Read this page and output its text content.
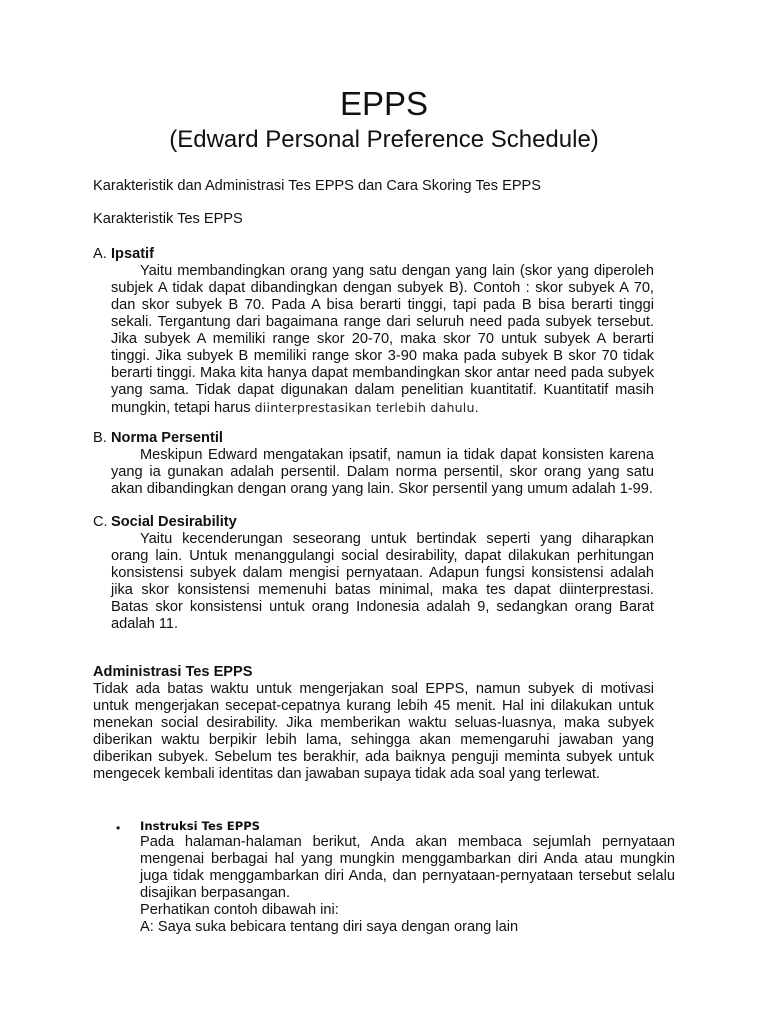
EPPS
(Edward Personal Preference Schedule)

Karakteristik dan Administrasi Tes EPPS dan Cara Skoring Tes EPPS

Karakteristik Tes EPPS

A. Ipsatif

Yaitu membandingkan orang yang satu dengan yang lain (skor yang diperoleh subjek A tidak dapat dibandingkan dengan subyek B). Contoh : skor subyek A 70, dan skor subyek B 70. Pada A bisa berarti tinggi, tapi pada B bisa berarti tinggi sekali. Tergantung dari bagaimana range dari seluruh need pada subyek tersebut. Jika subyek A memiliki range skor 20-70, maka skor 70 untuk subyek A berarti tinggi. Jika subyek B memiliki range skor 3-90 maka pada subyek B skor 70 tidak berarti tinggi. Maka kita hanya dapat membandingkan skor antar need pada subyek yang sama. Tidak dapat digunakan dalam penelitian kuantitatif. Kuantitatif masih mungkin, tetapi harus diinterprestasikan terlebih dahulu.

B. Norma Persentil

Meskipun Edward mengatakan ipsatif, namun ia tidak dapat konsisten karena yang ia gunakan adalah persentil. Dalam norma persentil, skor orang yang satu akan dibandingkan dengan orang yang lain. Skor persentil yang umum adalah 1-99.

C. Social Desirability

Yaitu kecenderungan seseorang untuk bertindak seperti yang diharapkan orang lain. Untuk menanggulangi social desirability, dapat dilakukan perhitungan konsistensi subyek dalam mengisi pernyataan. Adapun fungsi konsistensi adalah jika skor konsistensi memenuhi batas minimal, maka tes dapat diinterprestasi. Batas skor konsistensi untuk orang Indonesia adalah 9, sedangkan orang Barat adalah 11.

Administrasi Tes EPPS

Tidak ada batas waktu untuk mengerjakan soal EPPS, namun subyek di motivasi untuk mengerjakan secepat-cepatnya kurang lebih 45 menit. Hal ini dilakukan untuk menekan social desirability. Jika memberikan waktu seluas-luasnya, maka subyek diberikan waktu berpikir lebih lama, sehingga akan memengaruhi jawaban yang diberikan subyek. Sebelum tes berakhir, ada baiknya penguji meminta subyek untuk mengecek kembali identitas dan jawaban supaya tidak ada soal yang terlewat.

• Instruksi Tes EPPS

Pada halaman-halaman berikut, Anda akan membaca sejumlah pernyataan mengenai berbagai hal yang mungkin menggambarkan diri Anda atau mungkin juga tidak menggambarkan diri Anda, dan pernyataan-pernyataan tersebut selalu disajikan berpasangan.

Perhatikan contoh dibawah ini:

A: Saya suka bebicara tentang diri saya dengan orang lain
